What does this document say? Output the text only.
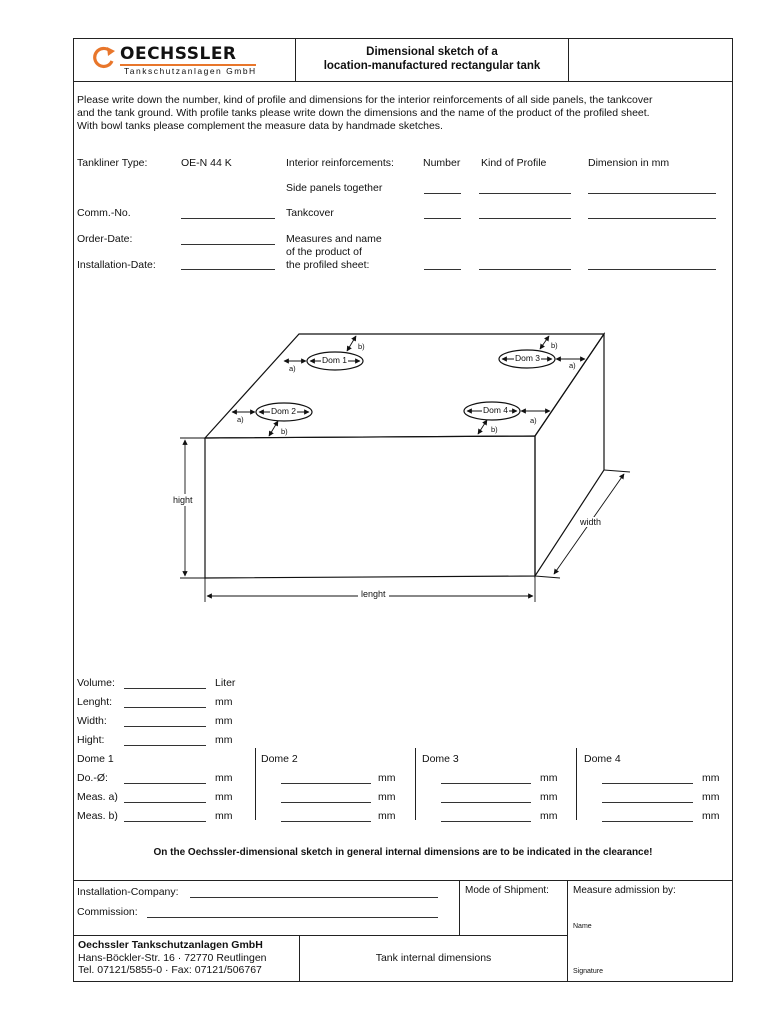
OECHSSLER
Tankschutzanlagen GmbH
Dimensional sketch of a
location-manufactured rectangular tank
Please write down the number, kind of profile and dimensions for the interior reinforcements of all side panels, the tankcover
and the tank ground. With profile tanks please write down the dimensions and the name of the product of the profiled sheet.
With bowl tanks please complement the measure data by handmade sketches.
Tankliner Type:	OE-N 44 K	Interior reinforcements:	Number Kind of Profile	Dimension in mm
Side panels together
Comm.-No.	Tankcover
Order-Date:	Measures and name
of the product of
the profiled sheet:
Installation-Date:
Dom 1
Dom 2
Dom 3
Dom 4
a)
b)
a)
b)
a)
b)
a)
b)
hight
width
lenght
Volume:	Liter
Lenght:	mm
Width:	mm
Hight:	mm
Dome 1	Dome 2	Dome 3	Dome 4
Do.-Ø:	mm	mm	mm	mm
Meas. a)	mm	mm	mm	mm
Meas. b)	mm	mm	mm	mm
On the Oechssler-dimensional sketch in general internal dimensions are to be indicated in the clearance!
Installation-Company:
Commission:
Mode of Shipment: Measure admission by:
Name
Signature
Oechssler Tankschutzanlagen GmbH
Hans-Böckler-Str. 16 · 72770 Reutlingen
Tel. 07121/5855-0 · Fax: 07121/506767
Tank internal dimensions
